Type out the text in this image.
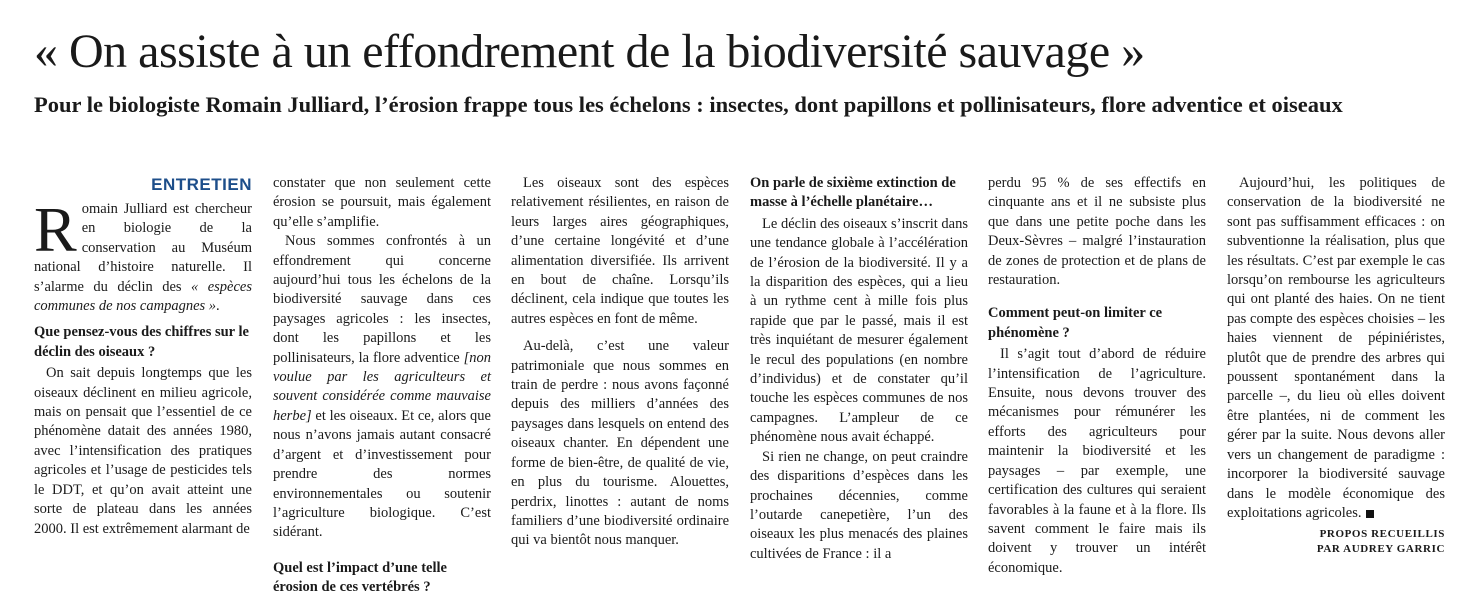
« On assiste à un effondrement de la biodiversité sauvage »
Pour le biologiste Romain Julliard, l’érosion frappe tous les échelons : insectes, dont papillons et pollinisateurs, flore adventice et oiseaux
ENTRETIEN

Romain Julliard est chercheur en biologie de la conservation au Muséum national d’histoire naturelle. Il s’alarme du déclin des « espèces communes de nos campagnes ».

Que pensez-vous des chiffres sur le déclin des oiseaux ?

On sait depuis longtemps que les oiseaux déclinent en milieu agricole, mais on pensait que l’essentiel de ce phénomène datait des années 1980, avec l’intensification des pratiques agricoles et l’usage de pesticides tels le DDT, et qu’on avait atteint une sorte de plateau dans les années 2000. Il est extrêmement alarmant de

constater que non seulement cette érosion se poursuit, mais également qu’elle s’amplifie.

Nous sommes confrontés à un effondrement qui concerne aujourd’hui tous les échelons de la biodiversité sauvage dans ces paysages agricoles : les insectes, dont les papillons et les pollinisateurs, la flore adventice [non voulue par les agriculteurs et souvent considérée comme mauvaise herbe] et les oiseaux. Et ce, alors que nous n’avons jamais autant consacré d’argent et d’investissement pour prendre des normes environnementales ou soutenir l’agriculture biologique. C’est sidérant.

Quel est l’impact d’une telle érosion de ces vertébrés ?

Les oiseaux sont des espèces relativement résilientes, en raison de leurs larges aires géographiques, d’une certaine longévité et d’une alimentation diversifiée. Ils arrivent en bout de chaîne. Lorsqu’ils déclinent, cela indique que toutes les autres espèces en font de même.

Au-delà, c’est une valeur patrimoniale que nous sommes en train de perdre : nous avons façonné depuis des milliers d’années des paysages dans lesquels on entend des oiseaux chanter. En dépendent une forme de bien-être, de qualité de vie, en plus du tourisme. Alouettes, perdrix, linottes : autant de noms familiers d’une biodiversité ordinaire qui va bientôt nous manquer.

On parle de sixième extinction de masse à l’échelle planétaire…

Le déclin des oiseaux s’inscrit dans une tendance globale à l’accélération de l’érosion de la biodiversité. Il y a la disparition des espèces, qui a lieu à un rythme cent à mille fois plus rapide que par le passé, mais il est très inquiétant de mesurer également le recul des populations (en nombre d’individus) et de constater qu’il touche les espèces communes de nos campagnes. L’ampleur de ce phénomène nous avait échappé.

Si rien ne change, on peut craindre des disparitions d’espèces dans les prochaines décennies, comme l’outarde canepetière, l’un des oiseaux les plus menacés des plaines cultivées de France : il a

perdu 95 % de ses effectifs en cinquante ans et il ne subsiste plus que dans une petite poche dans les Deux-Sèvres – malgré l’instauration de zones de protection et de plans de restauration.

Comment peut-on limiter ce phénomène ?

Il s’agit tout d’abord de réduire l’intensification de l’agriculture. Ensuite, nous devons trouver des mécanismes pour rémunérer les efforts des agriculteurs pour maintenir la biodiversité et les paysages – par exemple, une certification des cultures qui seraient favorables à la faune et à la flore. Ils savent comment le faire mais ils doivent y trouver un intérêt économique.

Aujourd’hui, les politiques de conservation de la biodiversité ne sont pas suffisamment efficaces : on subventionne la réalisation, plus que les résultats. C’est par exemple le cas lorsqu’on rembourse les agriculteurs qui ont planté des haies. On ne tient pas compte des espèces choisies – les haies viennent de pépiniéristes, plutôt que de prendre des arbres qui poussent spontanément dans la parcelle –, du lieu où elles doivent être plantées, ni de comment les gérer par la suite. Nous devons aller vers un changement de paradigme : incorporer la biodiversité sauvage dans le modèle économique des exploitations agricoles.

PROPOS RECUEILLIS
PAR AUDREY GARRIC
